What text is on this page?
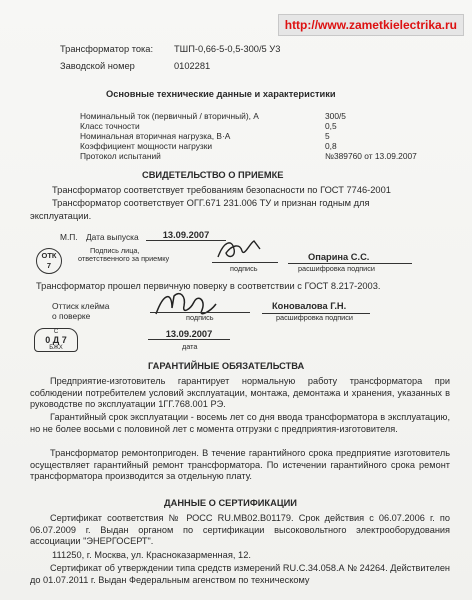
http://www.zametkielectrika.ru
Трансформатор тока: ТШП-0,66-5-0,5-300/5 У3
Заводской номер	0102281
Основные технические данные и характеристики
Номинальный ток (первичный / вторичный), А	300/5
Класс точности	0,5
Номинальная вторичная нагрузка, В·А	5
Коэффициент мощности нагрузки	0,8
Протокол испытаний	№389760 от 13.09.2007
СВИДЕТЕЛЬСТВО О ПРИЕМКЕ
Трансформатор соответствует требованиям безопасности по ГОСТ 7746-2001
Трансформатор соответствует ОГГ.671 231.006 ТУ и признан годным для
эксплуатации.
М.П. Дата выпуска	13.09.2007
Подпись лица,
ответственного за приемку
ОТК
7	подпись
Опарина С.С.
расшифровка подписи
Трансформатор прошел первичную поверку в соответствии с ГОСТ 8.217-2003.
Оттиск клейма
о поверке	подпись
Коновалова Г.Н.
расшифровка подписи
13.09.2007
дата
С
0 Д 7
БЖХ
ГАРАНТИЙНЫЕ ОБЯЗАТЕЛЬСТВА
Предприятие-изготовитель гарантирует нормальную работу трансформатора при соблюдении потребителем условий эксплуатации, монтажа, демонтажа и хранения, указанных в руководстве по эксплуатации 1ГГ.768.001 РЭ.
Гарантийный срок эксплуатации - восемь лет со дня ввода трансформатора в эксплуатацию, но не более восьми с половиной лет с момента отгрузки с предприятия-изготовителя.
Трансформатор ремонтопригоден. В течение гарантийного срока предприятие изготовитель осуществляет гарантийный ремонт трансформатора. По истечении гарантийного срока ремонт трансформатора производится за отдельную плату.
ДАННЫЕ О СЕРТИФИКАЦИИ
Сертификат соответствия № РОСС RU.МВ02.В01179. Срок действия с 06.07.2006 г. по 06.07.2009 г. Выдан органом по сертификации высоковольтного электрооборудования ассоциации "ЭНЕРГОСЕРТ".
111250, г. Москва, ул. Красноказарменная, 12.
Сертификат об утверждении типа средств измерений RU.C.34.058.А № 24264. Действителен до 01.07.2011 г. Выдан Федеральным агенством по техническому
